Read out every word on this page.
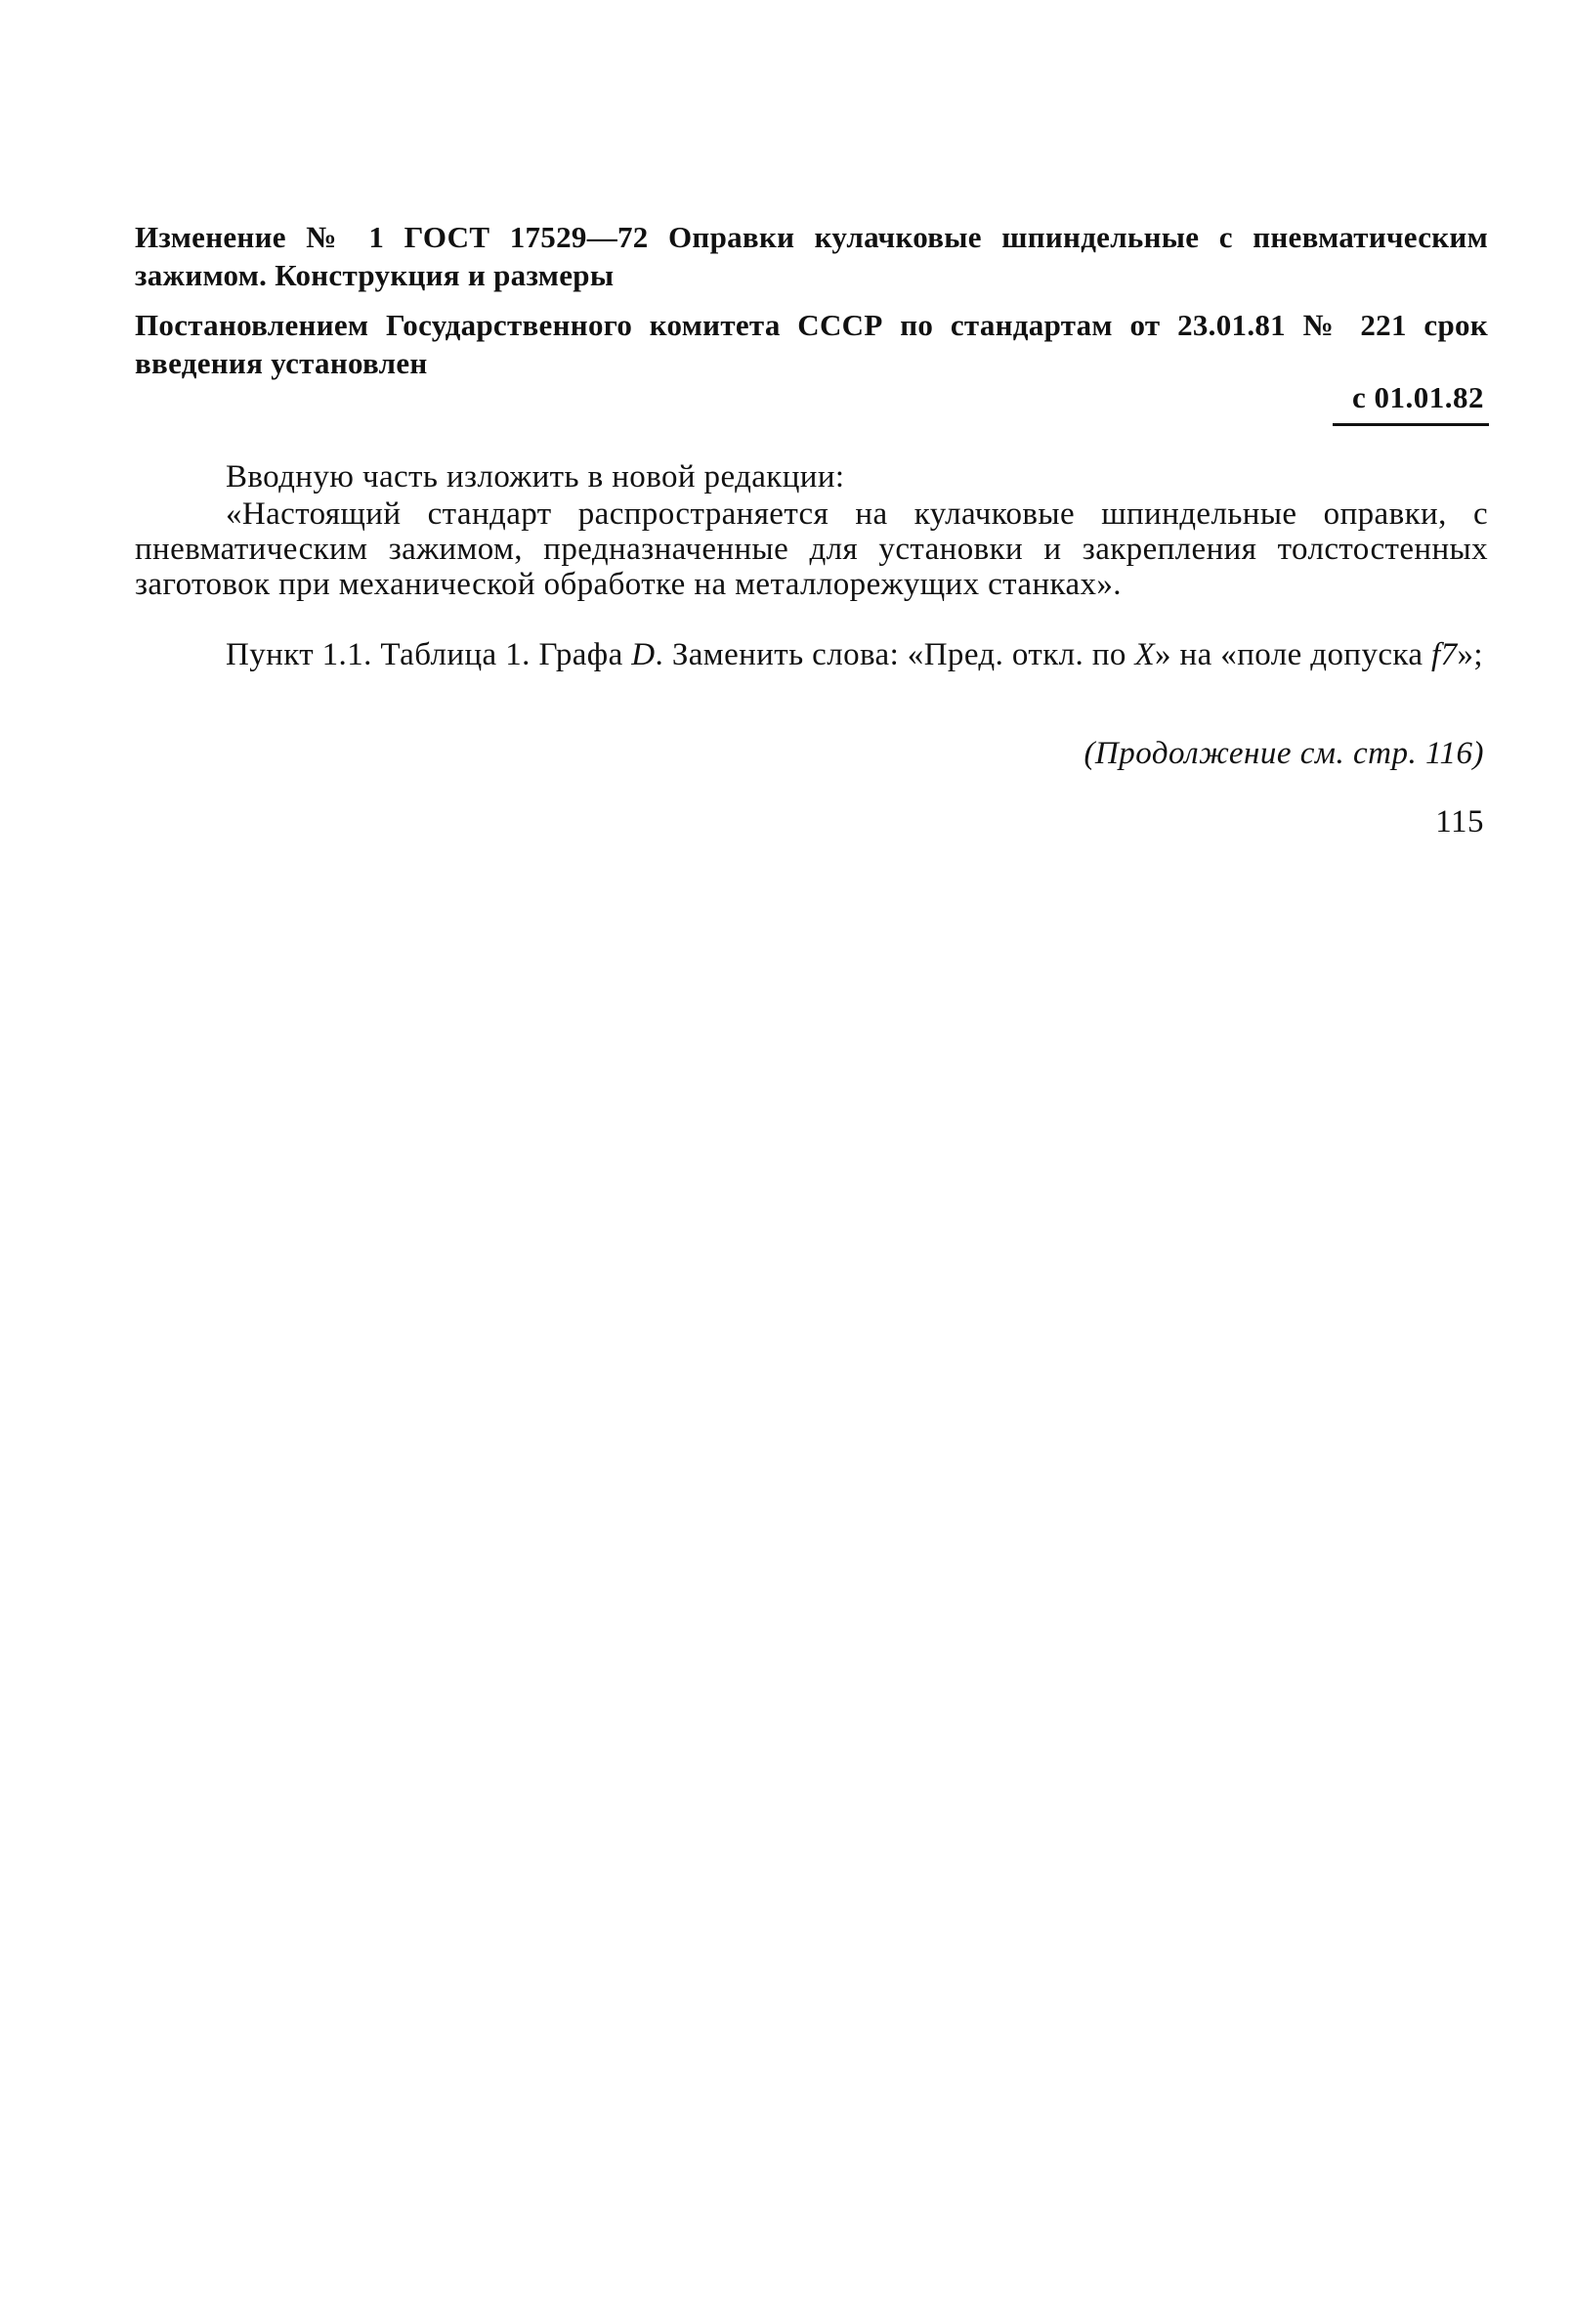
Изменение № 1 ГОСТ 17529—72 Оправки кулачковые шпиндельные с пневматическим зажимом. Конструкция и размеры
Постановлением Государственного комитета СССР по стандартам от 23.01.81 № 221 срок введения установлен
с 01.01.82
Вводную часть изложить в новой редакции:
«Настоящий стандарт распространяется на кулачковые шпиндельные оправки, с пневматическим зажимом, предназначенные для установки и закрепления толстостенных заготовок при механической обработке на металлорежущих станках».
Пункт 1.1. Таблица 1. Графа D. Заменить слова: «Пред. откл. по X» на «поле допуска f7»;
(Продолжение см. стр. 116)
115
